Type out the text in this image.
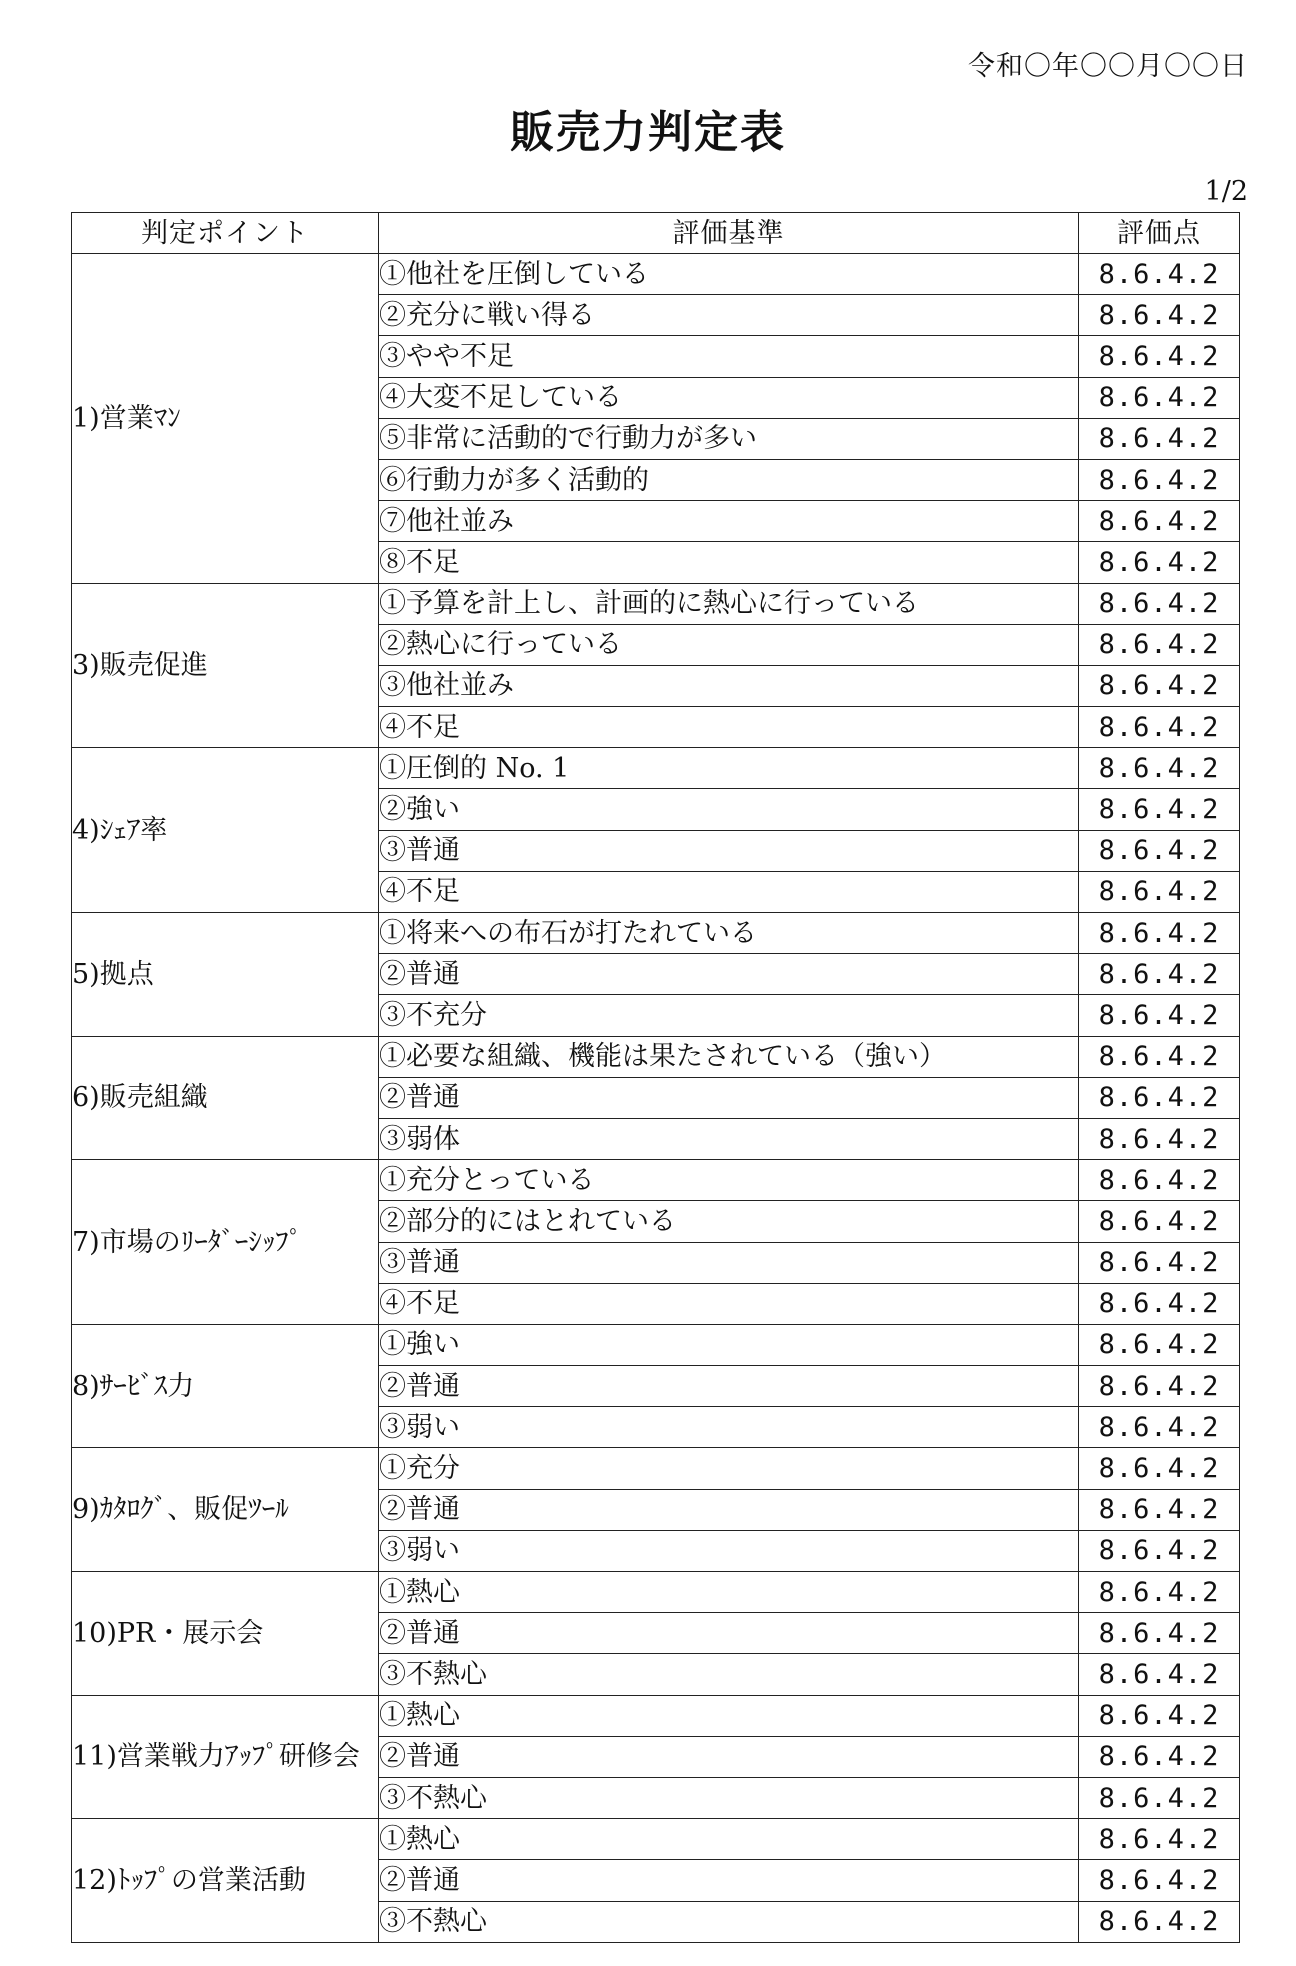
令和〇年〇〇月〇〇日
販売力判定表
1/2
判定ポイント	評価基準	評価点
1)営業ﾏﾝ	①他社を圧倒している	8.6.4.2
	②充分に戦い得る	8.6.4.2
	③やや不足	8.6.4.2
	④大変不足している	8.6.4.2
	⑤非常に活動的で行動力が多い	8.6.4.2
	⑥行動力が多く活動的	8.6.4.2
	⑦他社並み	8.6.4.2
	⑧不足	8.6.4.2
3)販売促進	①予算を計上し、計画的に熱心に行っている	8.6.4.2
	②熱心に行っている	8.6.4.2
	③他社並み	8.6.4.2
	④不足	8.6.4.2
4)ｼｪｱ率	①圧倒的 No. 1	8.6.4.2
	②強い	8.6.4.2
	③普通	8.6.4.2
	④不足	8.6.4.2
5)拠点	①将来への布石が打たれている	8.6.4.2
	②普通	8.6.4.2
	③不充分	8.6.4.2
6)販売組織	①必要な組織、機能は果たされている（強い）	8.6.4.2
	②普通	8.6.4.2
	③弱体	8.6.4.2
7)市場のﾘｰﾀﾞｰｼｯﾌﾟ	①充分とっている	8.6.4.2
	②部分的にはとれている	8.6.4.2
	③普通	8.6.4.2
	④不足	8.6.4.2
8)ｻｰﾋﾞｽ力	①強い	8.6.4.2
	②普通	8.6.4.2
	③弱い	8.6.4.2
9)ｶﾀﾛｸﾞ、販促ﾂｰﾙ	①充分	8.6.4.2
	②普通	8.6.4.2
	③弱い	8.6.4.2
10)PR・展示会	①熱心	8.6.4.2
	②普通	8.6.4.2
	③不熱心	8.6.4.2
11)営業戦力ｱｯﾌﾟ研修会	①熱心	8.6.4.2
	②普通	8.6.4.2
	③不熱心	8.6.4.2
12)ﾄｯﾌﾟの営業活動	①熱心	8.6.4.2
	②普通	8.6.4.2
	③不熱心	8.6.4.2
